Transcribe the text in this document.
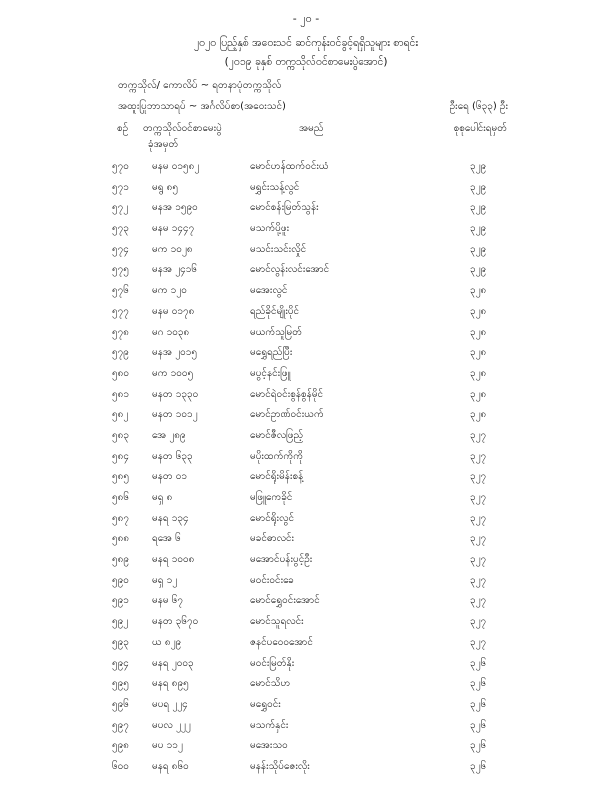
- ၂၀ -
၂၀၂၀ ပြည့်နှစ် အဝေးသင် ဆင်ကုန်းဝင်ခွင့်ရရှိသူများ စာရင်း
(၂၀၁၉ ခုနှစ် တက္ကသိုလ်ဝင်စာမေးပွဲအောင်)
တက္ကသိုလ်/ ကောလိပ် ~ ရတနာပုံတက္ကသိုလ်
အထူးပြုဘာသာရပ် ~ အင်္ဂလိပ်စာ(အဝေးသင်)	ဦးရေ (၆၃၃) ဦး
စဉ် တက္ကသိုလ်ဝင်စာမေးပွဲ
ခုံအမှတ်
အမည်	စုစုပေါင်းရမှတ်
၅၇၀ မနမ ၀၁၅၈၂	မောင်ဟန်ထက်ဝင်းယံ	၃၂၉
၅၇၁ မရွ ၈၅	မရွှင်းသန့်လွင်	၃၂၉
၅၇၂ မနအ ၁၅၉၀	မောင်စန်းမြတ်သွန်း	၃၂၉
၅၇၃ မနမ ၁၄၄၇	မသက်ပို့ဖူး	၃၂၉
၅၇၄ မက ၁၀၂၈	မသင်းသင်းလှိုင်	၃၂၉
၅၇၅ မနအ ၂၄၁၆	မောင်လွန်းလင်းအောင်	၃၂၉
၅၇၆ မက ၁၂၀	မအေးလွင်	၃၂၈
၅၇၇ မနမ ၀၁၇၈	ရည်ခိုင်မျိုးပိုင်	၃၂၈
၅၇၈ မဂ ၁၀၃၈	မယက်သူမြတ်	၃၂၈
၅၇၉ မနအ ၂၀၁၅	မရွှေရည်ပြီး	၃၂၈
၅၈၀ မက ၁၀၀၅	မပွင့်နင်းဖြူ	၃၂၈
၅၈၁ မနတ ၁၃၃၀	မောင်ရဲဝင်းစွန်စွန်မိုင်	၃၂၈
၅၈၂ မနတ ၁၀၁၂	မောင်ဥာဏ်ဝင်းယက်	၃၂၈
၅၈၃ အေ ၂၈၉	မောင်ဇီလဖြည့်	၃၂၇
၅၈၄ မနတ ၆၃၃	မပိုးထက်ကိုကို	၃၂၇
၅၈၅ မနတ ၀၁	မောင်ရိုးမိန်းစန့်	၃၂၇
၅၈၆ မရှ ၈	မဖြူကေခိုင်	၃၂၇
၅၈၇ မနရ ၁၃၄	မောင်ရိုးလွင်	၃၂၇
၅၈၈ ရအေ ၆	မခင်ဓာလင်း	၃၂၇
၅၈၉ မနရ ၁၀၀၈	မအောင်ပန်းပွင့်ဦး	၃၂၇
၅၉၀ မရှ ၁၂	မဝင်းဝင်းခေ	၃၂၇
၅၉၁ မနမ ၆၇	မောင်ရွှေဝင်းအောင်	၃၂၇
၅၉၂ မနတ ၃၆၇၀	မောင်သူရလင်း	၃၂၇
၅၉၃ ယ ၈၂၉	ဇနင်ပဝေဝအောင်	၃၂၇
၅၉၄ မနရ ၂၀၀၃	မဝင်းမြတ်နိုး	၃၂၆
၅၉၅ မနရ ၈၉၅	မောင်သိဟ	၃၂၆
၅၉၆ မပရ ၂၂၄	မရွှေဝင်း	၃၂၆
၅၉၇ မပလ ၂၂၂	မသက်နှင်း	၃၂၆
၅၉၈ မပ ၁၁၂	မအေးသဝ	၃၂၆
၆၀၀ မနရ ၈၆၀	မနန်းသိုပ်ဇေးလိုး	၃၂၆
